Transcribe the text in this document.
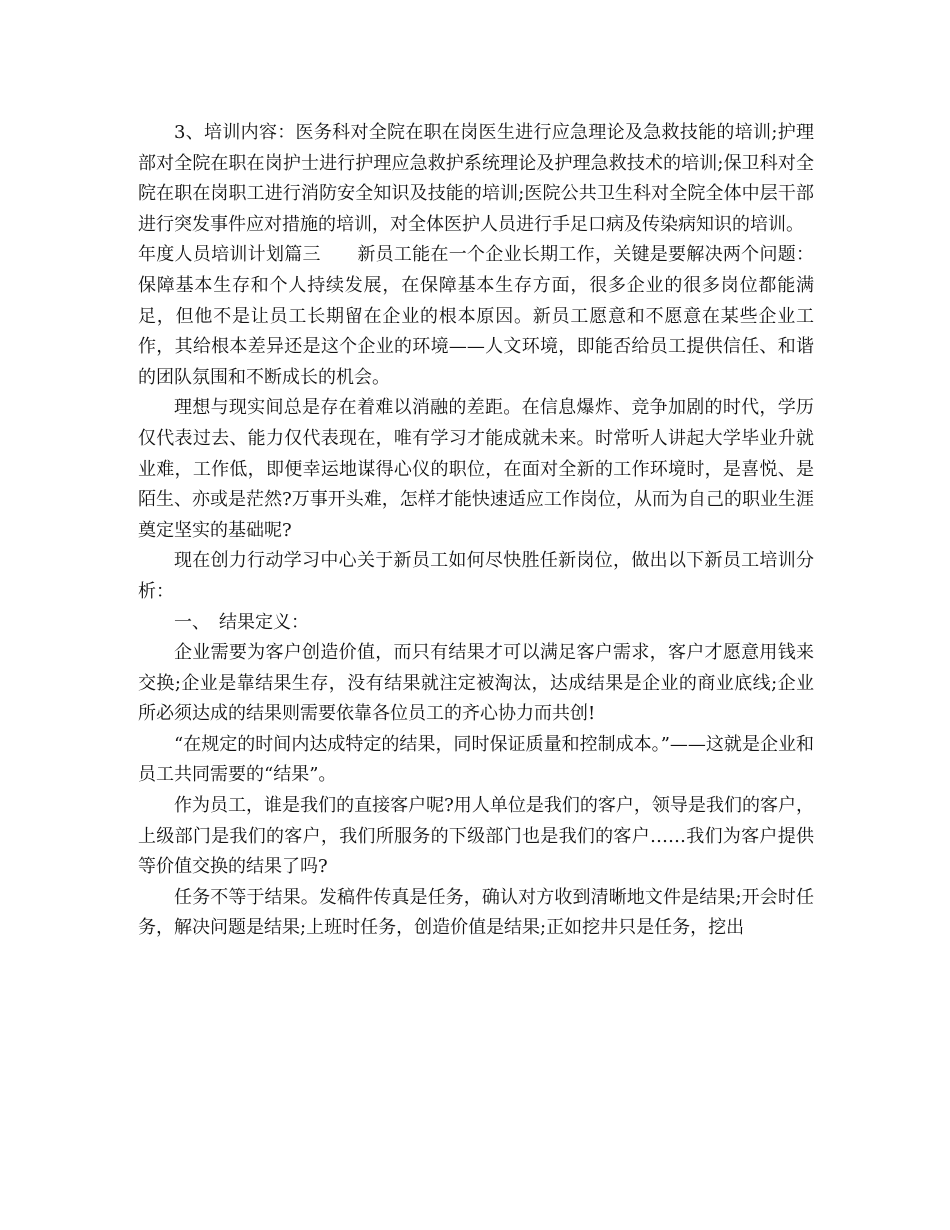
3、培训内容：医务科对全院在职在岗医生进行应急理论及急救技能的培训;护理部对全院在职在岗护士进行护理应急救护系统理论及护理急救技术的培训;保卫科对全院在职在岗职工进行消防安全知识及技能的培训;医院公共卫生科对全院全体中层干部进行突发事件应对措施的培训，对全体医护人员进行手足口病及传染病知识的培训。

年度人员培训计划篇三　　新员工能在一个企业长期工作，关键是要解决两个问题：保障基本生存和个人持续发展，在保障基本生存方面，很多企业的很多岗位都能满足，但他不是让员工长期留在企业的根本原因。新员工愿意和不愿意在某些企业工作，其给根本差异还是这个企业的环境——人文环境，即能否给员工提供信任、和谐的团队氛围和不断成长的机会。

理想与现实间总是存在着难以消融的差距。在信息爆炸、竞争加剧的时代，学历仅代表过去、能力仅代表现在，唯有学习才能成就未来。时常听人讲起大学毕业升就业难，工作低，即便幸运地谋得心仪的职位，在面对全新的工作环境时，是喜悦、是陌生、亦或是茫然?万事开头难，怎样才能快速适应工作岗位，从而为自己的职业生涯奠定坚实的基础呢?

现在创力行动学习中心关于新员工如何尽快胜任新岗位，做出以下新员工培训分析：

一、　结果定义：

企业需要为客户创造价值，而只有结果才可以满足客户需求，客户才愿意用钱来交换;企业是靠结果生存，没有结果就注定被淘汰，达成结果是企业的商业底线;企业所必须达成的结果则需要依靠各位员工的齐心协力而共创!

“在规定的时间内达成特定的结果，同时保证质量和控制成本。”——这就是企业和员工共同需要的“结果”。

作为员工，谁是我们的直接客户呢?用人单位是我们的客户，领导是我们的客户，上级部门是我们的客户，我们所服务的下级部门也是我们的客户……我们为客户提供等价值交换的结果了吗?

任务不等于结果。发稿件传真是任务，确认对方收到清晰地文件是结果;开会时任务，解决问题是结果;上班时任务，创造价值是结果;正如挖井只是任务，挖出
